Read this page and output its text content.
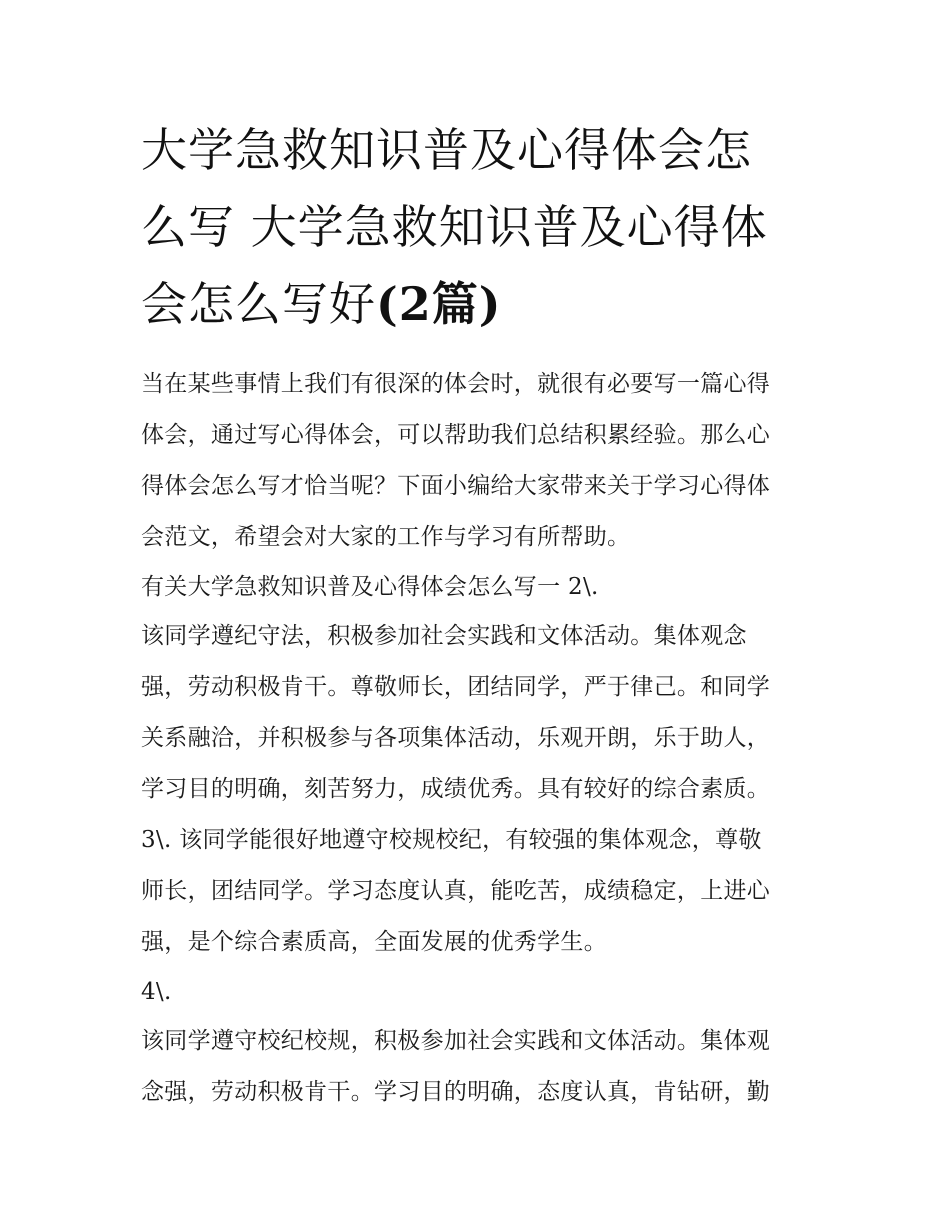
大学急救知识普及心得体会怎
么写 大学急救知识普及心得体
会怎么写好(2篇)
当在某些事情上我们有很深的体会时，就很有必要写一篇心得
体会，通过写心得体会，可以帮助我们总结积累经验。那么心
得体会怎么写才恰当呢？下面小编给大家带来关于学习心得体
会范文，希望会对大家的工作与学习有所帮助。
有关大学急救知识普及心得体会怎么写一 2\.
该同学遵纪守法，积极参加社会实践和文体活动。集体观念
强，劳动积极肯干。尊敬师长，团结同学，严于律己。和同学
关系融洽，并积极参与各项集体活动，乐观开朗，乐于助人，
学习目的明确，刻苦努力，成绩优秀。具有较好的综合素质。
3\. 该同学能很好地遵守校规校纪，有较强的集体观念，尊敬
师长，团结同学。学习态度认真，能吃苦，成绩稳定，上进心
强，是个综合素质高，全面发展的优秀学生。
4\.
该同学遵守校纪校规，积极参加社会实践和文体活动。集体观
念强，劳动积极肯干。学习目的明确，态度认真，肯钻研，勤
